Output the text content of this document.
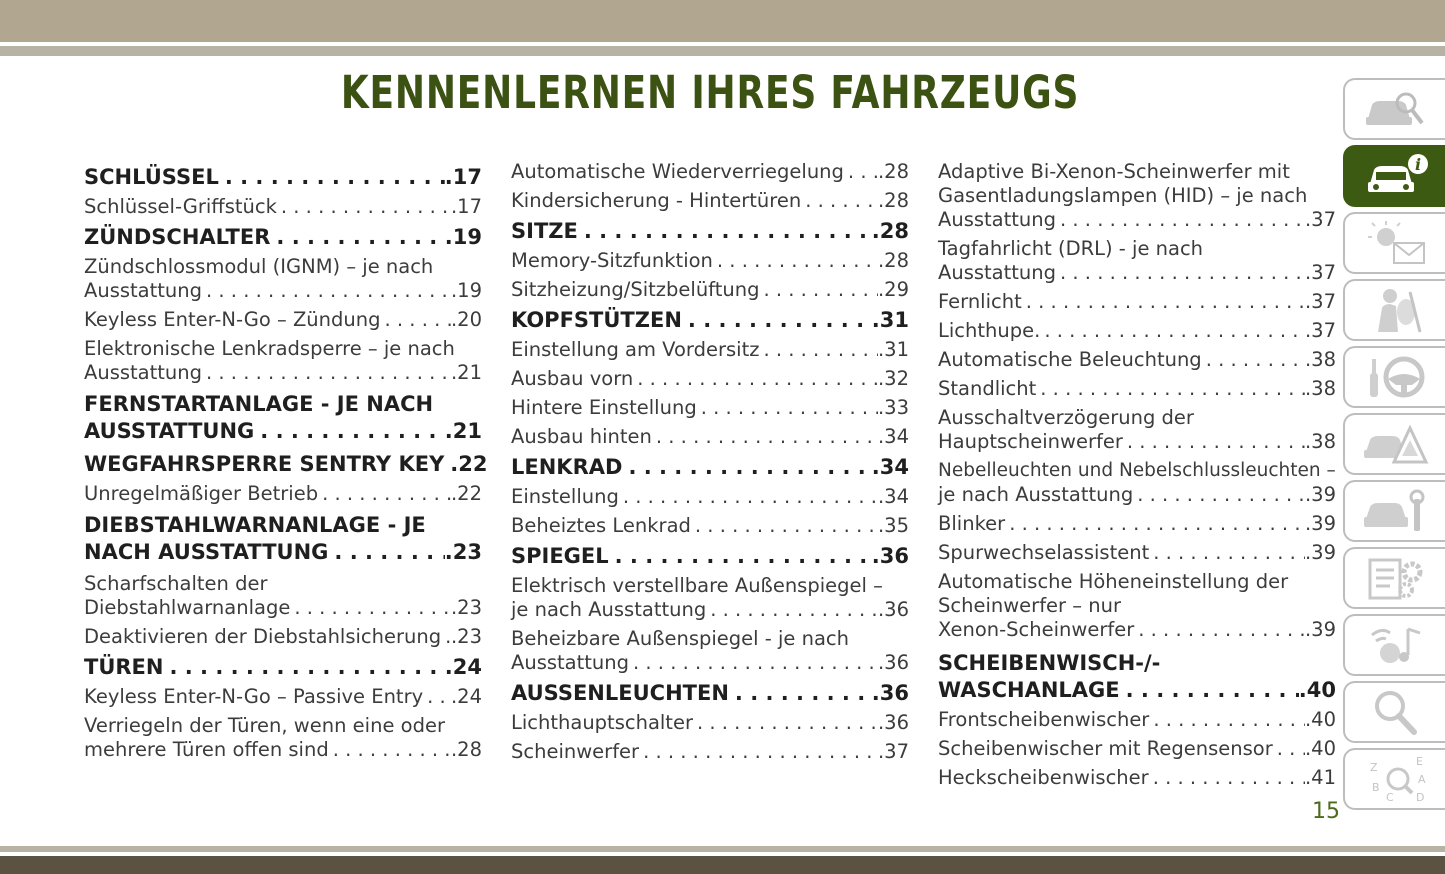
KENNENLERNEN IHRES FAHRZEUGS
SCHLÜSSEL . . .	.17
Schlüssel-Griffstück . . .	.17
ZÜNDSCHALTER . . .	.19
Zündschlossmodul (IGNM) – je nach
Ausstattung . . .	.19
Keyless Enter-N-Go – Zündung . . .	.20
Elektronische Lenkradsperre – je nach
Ausstattung . . .	.21
FERNSTARTANLAGE - JE NACH
AUSSTATTUNG . . .	.21
WEGFAHRSPERRE SENTRY KEY .22
Unregelmäßiger Betrieb . . .	.22
DIEBSTAHLWARNANLAGE - JE
NACH AUSSTATTUNG . . .	.23
Scharfschalten der
Diebstahlwarnanlage . . .	.23
Deaktivieren der Diebstahlsicherung . . . .23
TÜREN . . .	.24
Keyless Enter-N-Go – Passive Entry . . . .24
Verriegeln der Türen, wenn eine oder
mehrere Türen offen sind . . .	.28
Automatische Wiederverriegelung . . . .28
Kindersicherung - Hintertüren . . .	.28
SITZE . . .	.28
Memory-Sitzfunktion . . .	.28
Sitzheizung/Sitzbelüftung . . .	.29
KOPFSTÜTZEN . . .	.31
Einstellung am Vordersitz . . .	.31
Ausbau vorn . . .	.32
Hintere Einstellung . . .	.33
Ausbau hinten . . .	.34
LENKRAD . . .	.34
Einstellung . . .	.34
Beheiztes Lenkrad . . .	.35
SPIEGEL . . .	.36
Elektrisch verstellbare Außenspiegel –
je nach Ausstattung . . .	.36
Beheizbare Außenspiegel - je nach
Ausstattung . . .	.36
AUSSENLEUCHTEN . . .	.36
Lichthauptschalter . . .	.36
Scheinwerfer . . .	.37
Adaptive Bi-Xenon-Scheinwerfer mit
Gasentladungslampen (HID) – je nach
Ausstattung . . .	.37
Tagfahrlicht (DRL) - je nach
Ausstattung . . .	.37
Fernlicht . . .	.37
Lichthupe. . . .	.37
Automatische Beleuchtung . . .	.38
Standlicht . . .	.38
Ausschaltverzögerung der
Hauptscheinwerfer . . .	.38
Nebelleuchten und Nebelschlussleuchten –
je nach Ausstattung . . .	.39
Blinker . . .	.39
Spurwechselassistent . . .	.39
Automatische Höheneinstellung der
Scheinwerfer – nur
Xenon-Scheinwerfer . . .	.39
SCHEIBENWISCH-/-
WASCHANLAGE . . .	.40
Frontscheibenwischer . . .	.40
Scheibenwischer mit Regensensor . . . .40
Heckscheibenwischer . . .	.41
i
Z	E
B
A
C D
15
